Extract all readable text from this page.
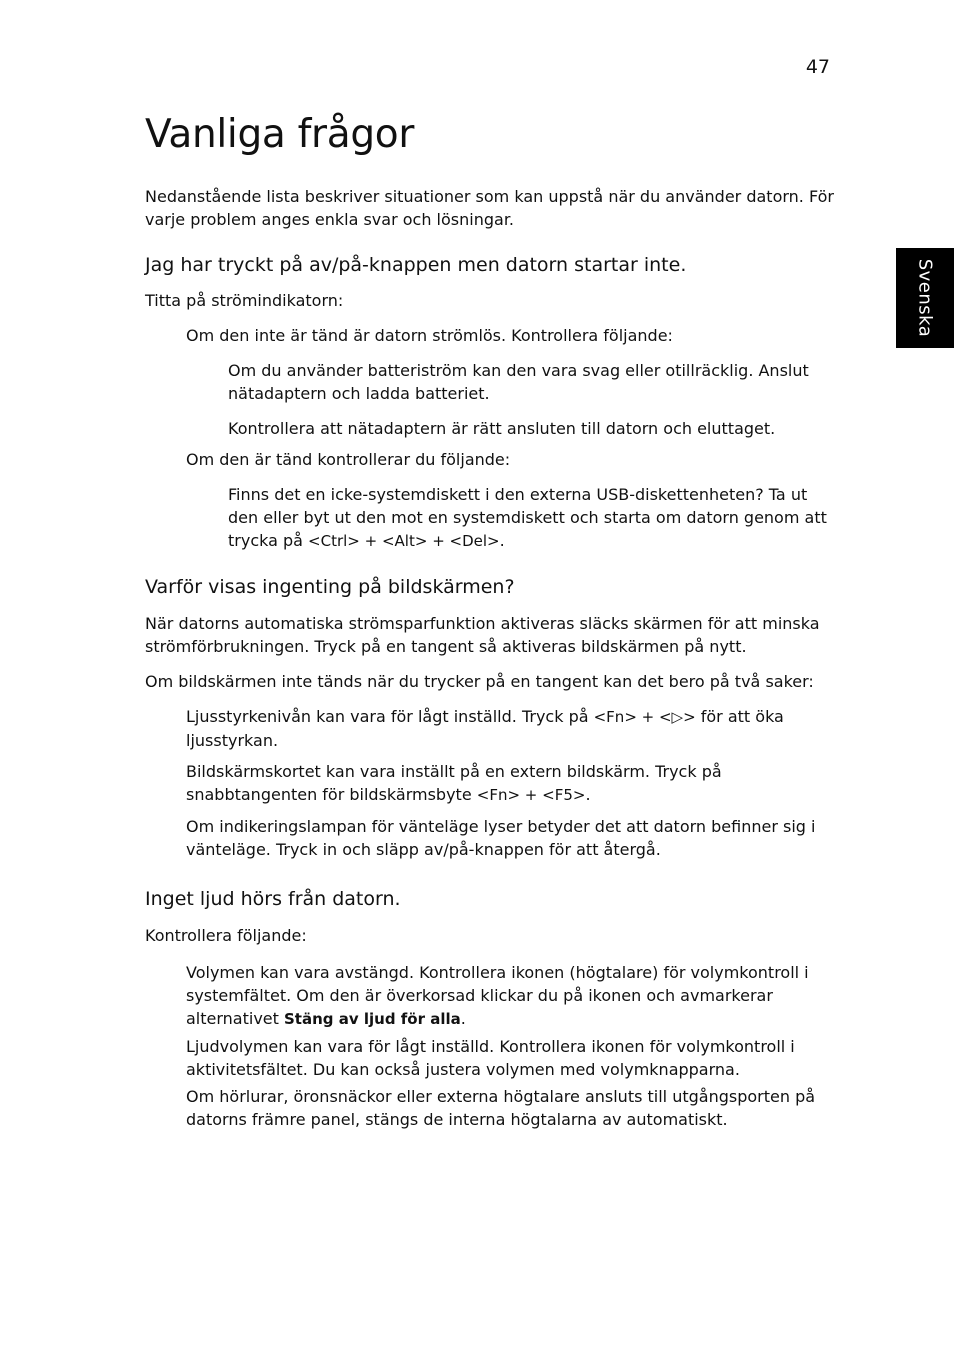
47
Svenska
Vanliga frågor

Nedanstående lista beskriver situationer som kan uppstå när du använder datorn. För varje problem anges enkla svar och lösningar.

Jag har tryckt på av/på-knappen men datorn startar inte.

Titta på strömindikatorn:

Om den inte är tänd är datorn strömlös. Kontrollera följande:

Om du använder batteriström kan den vara svag eller otillräcklig. Anslut nätadaptern och ladda batteriet.

Kontrollera att nätadaptern är rätt ansluten till datorn och eluttaget.

Om den är tänd kontrollerar du följande:

Finns det en icke-systemdiskett i den externa USB-diskettenheten? Ta ut den eller byt ut den mot en systemdiskett och starta om datorn genom att trycka på <Ctrl> + <Alt> + <Del>.

Varför visas ingenting på bildskärmen?

När datorns automatiska strömsparfunktion aktiveras släcks skärmen för att minska strömförbrukningen. Tryck på en tangent så aktiveras bildskärmen på nytt.

Om bildskärmen inte tänds när du trycker på en tangent kan det bero på två saker:

Ljusstyrkenivån kan vara för lågt inställd. Tryck på <Fn> + <▷> för att öka ljusstyrkan.

Bildskärmskortet kan vara inställt på en extern bildskärm. Tryck på snabbtangenten för bildskärmsbyte <Fn> + <F5>.

Om indikeringslampan för vänteläge lyser betyder det att datorn befinner sig i vänteläge. Tryck in och släpp av/på-knappen för att återgå.

Inget ljud hörs från datorn.

Kontrollera följande:

Volymen kan vara avstängd. Kontrollera ikonen (högtalare) för volymkontroll i systemfältet. Om den är överkorsad klickar du på ikonen och avmarkerar alternativet Stäng av ljud för alla.

Ljudvolymen kan vara för lågt inställd. Kontrollera ikonen för volymkontroll i aktivitetsfältet. Du kan också justera volymen med volymknapparna.

Om hörlurar, öronsnäckor eller externa högtalare ansluts till utgångsporten på datorns främre panel, stängs de interna högtalarna av automatiskt.
